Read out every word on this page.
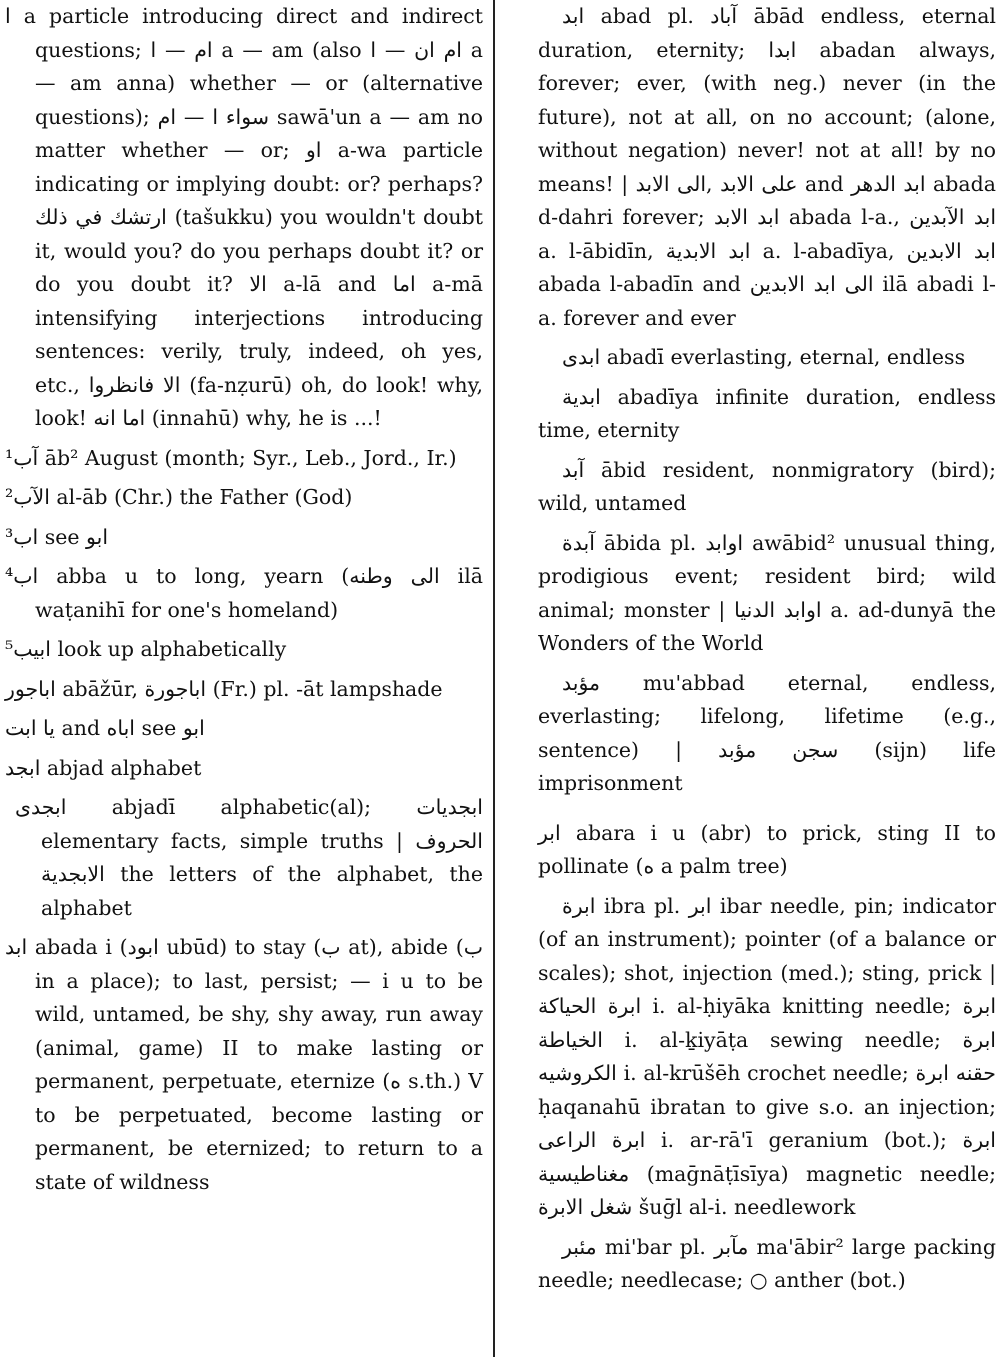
ا a particle introducing direct and indirect questions; ام — ا a — am (also ام ان — ا a — am anna) whether — or (alternative questions); سواء ا — ام sawā'un a — am no matter whether — or; او a-wa particle indicating or implying doubt: or? perhaps? ارتشك في ذلك (tašukku) you wouldn't doubt it, would you? do you perhaps doubt it? or do you doubt it? الا a-lā and اما a-mā intensifying interjections introducing sentences: verily, truly, indeed, oh yes, etc., الا فانظروا (fa-nẓurū) oh, do look! why, look! اما انه (innahū) why, he is ...!

¹آب āb² August (month; Syr., Leb., Jord., Ir.)

²الآب al-āb (Chr.) the Father (God)

³اب see ابو

⁴اب abba u to long, yearn (الى وطنه ilā waṭanihī for one's homeland)

⁵ابيب look up alphabetically

اباجور abāžūr, اباجورة (Fr.) pl. -āt lampshade

يا ابت and اباه see ابو

ابجد abjad alphabet

ابجدى abjadī alphabetic(al); ابجديات elementary facts, simple truths | الحروف الابجدية the letters of the alphabet, the alphabet

ابد abada i (ابود ubūd) to stay (ب at), abide (ب in a place); to last, persist; — i u to be wild, untamed, be shy, shy away, run away (animal, game) II to make lasting or permanent, perpetuate, eternize (ه s.th.) V to be perpetuated, become lasting or permanent, be eternized; to return to a state of wildness

ابد abad pl. آباد ābād endless, eternal duration, eternity; ابدا abadan always, forever; ever, (with neg.) never (in the future), not at all, on no account; (alone, without negation) never! not at all! by no means! | على الابد ,الى الابد and ابد الدهر abada d-dahri forever; ابد الابد abada l-a., ابد الآبدين a. l-ābidīn, ابد الابدية a. l-abadīya, ابد الابدين abada l-abadīn and الى ابد الابدين ilā abadi l-a. forever and ever

ابدى abadī everlasting, eternal, endless

ابدية abadīya infinite duration, endless time, eternity

آبد ābid resident, nonmigratory (bird); wild, untamed

آبدة ābida pl. اوابد awābid² unusual thing, prodigious event; resident bird; wild animal; monster | اوابد الدنيا a. ad-dunyā the Wonders of the World

مؤبد mu'abbad eternal, endless, everlasting; lifelong, lifetime (e.g., sentence) | سجن مؤبد (sijn) life imprisonment

ابر abara i u (abr) to prick, sting II to pollinate (ه a palm tree)

ابرة ibra pl. ابر ibar needle, pin; indicator (of an instrument); pointer (of a balance or scales); shot, injection (med.); sting, prick | ابرة الحياكة i. al-ḥiyāka knitting needle; ابرة الخياطة i. al-ḵiyāṭa sewing needle; ابرة الكروشيه i. al-krūšēh crochet needle; حقنه ابرة ḥaqanahū ibratan to give s.o. an injection; ابرة الراعى i. ar-rā'ī geranium (bot.); ابرة مغناطيسية (maḡnāṭīsīya) magnetic needle; شغل الابرة šuḡl al-i. needlework

مئبر mi'bar pl. مآبر ma'ābir² large packing needle; needlecase; ○ anther (bot.)
